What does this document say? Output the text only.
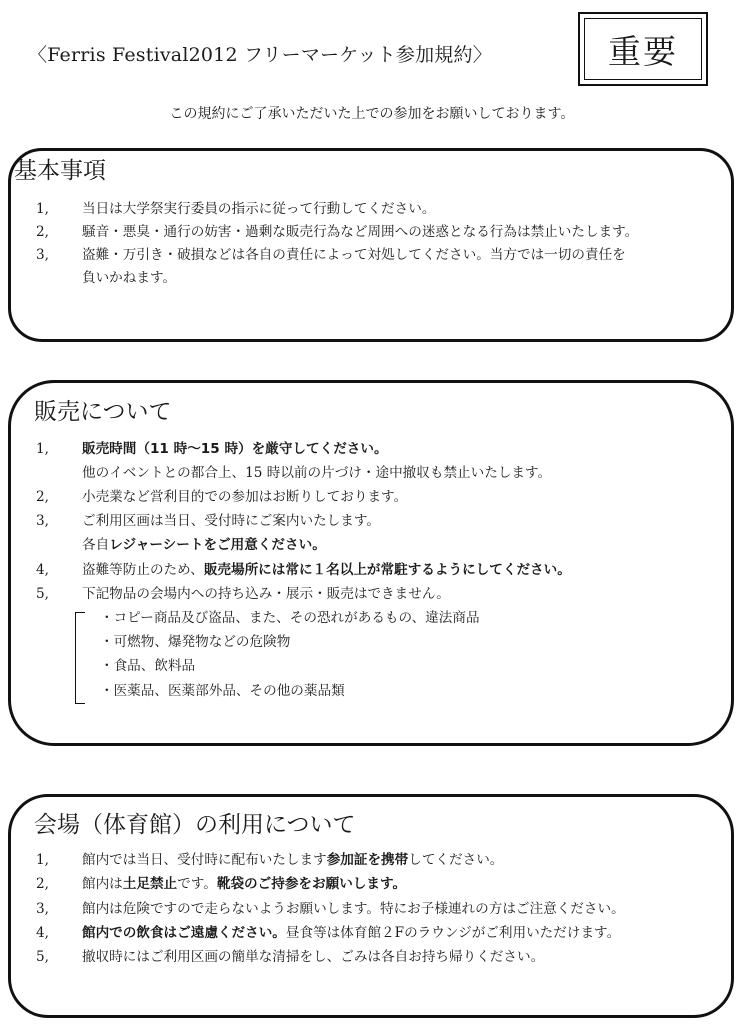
〈Ferris Festival2012 フリーマーケット参加規約〉	重要
この規約にご了承いただいた上での参加をお願いしております。
基本事項
1,	当日は大学祭実行委員の指示に従って行動してください。
2,	騒音・悪臭・通行の妨害・過剰な販売行為など周囲への迷惑となる行為は禁止いたします。
3,	盗難・万引き・破損などは各自の責任によって対処してください。当方では一切の責任を
負いかねます。
販売について
1,	販売時間（11 時〜15 時）を厳守してください。
他のイベントとの都合上、15 時以前の片づけ・途中撤収も禁止いたします。
2,	小売業など営利目的での参加はお断りしております。
3,	ご利用区画は当日、受付時にご案内いたします。
各自レジャーシートをご用意ください。
4,	盗難等防止のため、販売場所には常に１名以上が常駐するようにしてください。
5,	下記物品の会場内への持ち込み・展示・販売はできません。
・コピー商品及び盗品、また、その恐れがあるもの、違法商品
・可燃物、爆発物などの危険物
・食品、飲料品
・医薬品、医薬部外品、その他の薬品類
会場（体育館）の利用について
1,	館内では当日、受付時に配布いたします参加証を携帯してください。
2,	館内は土足禁止です。靴袋のご持参をお願いします。
3,	館内は危険ですので走らないようお願いします。特にお子様連れの方はご注意ください。
4,	館内での飲食はご遠慮ください。昼食等は体育館２Fのラウンジがご利用いただけます。
5,	撤収時にはご利用区画の簡単な清掃をし、ごみは各自お持ち帰りください。
